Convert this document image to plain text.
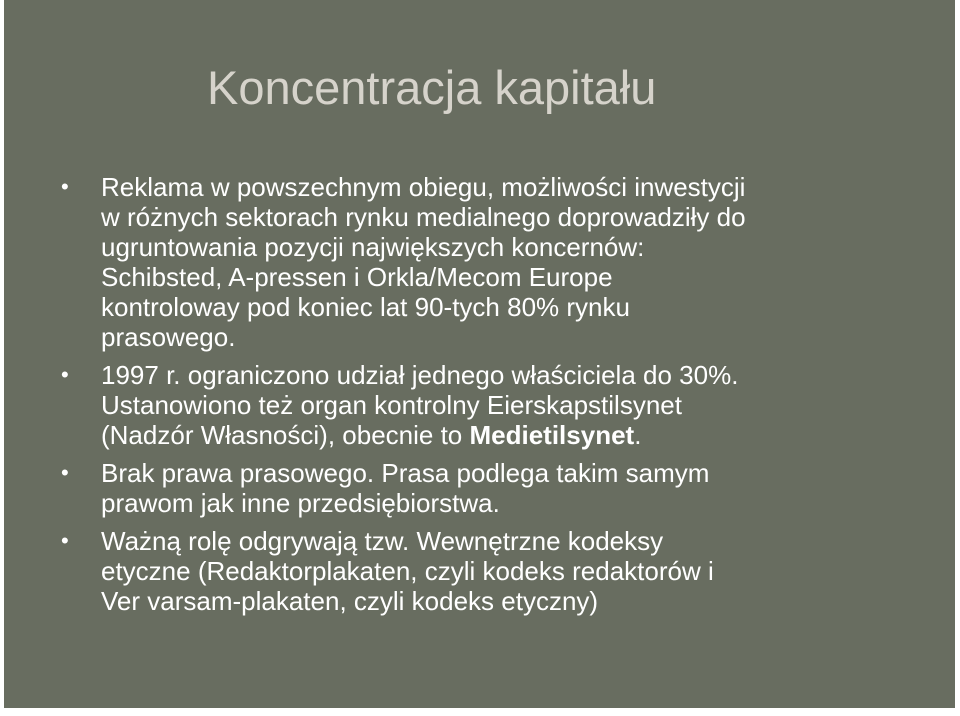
Koncentracja kapitału
•	Reklama w powszechnym obiegu, możliwości inwestycji
w różnych sektorach rynku medialnego doprowadziły do
ugruntowania pozycji największych koncernów:
Schibsted, A-pressen i Orkla/Mecom Europe
kontroloway pod koniec lat 90-tych 80% rynku
prasowego.
•	1997 r. ograniczono udział jednego właściciela do 30%.
Ustanowiono też organ kontrolny Eierskapstilsynet
(Nadzór Własności), obecnie to Medietilsynet.
•	Brak prawa prasowego. Prasa podlega takim samym
prawom jak inne przedsiębiorstwa.
•	Ważną rolę odgrywają tzw. Wewnętrzne kodeksy
etyczne (Redaktorplakaten, czyli kodeks redaktorów i
Ver varsam-plakaten, czyli kodeks etyczny)
